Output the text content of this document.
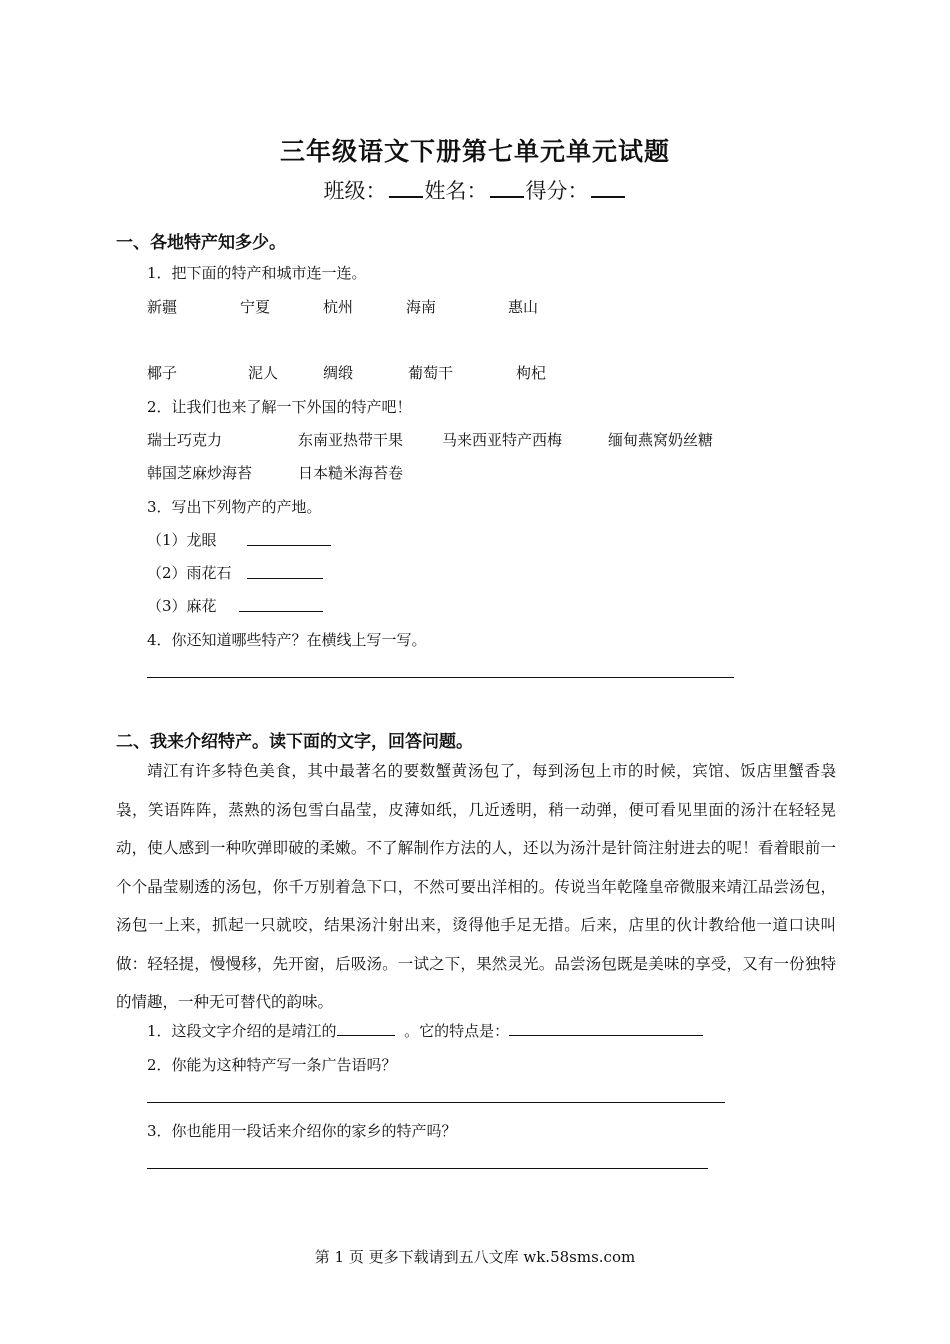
三年级语文下册第七单元单元试题
班级： 姓名： 得分：
一、各地特产知多少。
1．把下面的特产和城市连一连。
新疆	宁夏	杭州	海南	惠山
椰子	泥人	绸缎	葡萄干	枸杞
2．让我们也来了解一下外国的特产吧！
瑞士巧克力	东南亚热带干果	马来西亚特产西梅	缅甸燕窝奶丝糖
韩国芝麻炒海苔	日本糙米海苔卷
3．写出下列物产的产地。
（1）龙眼
（2）雨花石
（3）麻花
4．你还知道哪些特产？在横线上写一写。
二、我来介绍特产。读下面的文字，回答问题。
靖江有许多特色美食，其中最著名的要数蟹黄汤包了，每到汤包上市的时候，宾馆、饭店里蟹香袅袅，笑语阵阵，蒸熟的汤包雪白晶莹，皮薄如纸，几近透明，稍一动弹，便可看见里面的汤汁在轻轻晃动，使人感到一种吹弹即破的柔嫩。不了解制作方法的人，还以为汤汁是针筒注射进去的呢！看着眼前一个个晶莹剔透的汤包，你千万别着急下口，不然可要出洋相的。传说当年乾隆皇帝微服来靖江品尝汤包，汤包一上来，抓起一只就咬，结果汤汁射出来，烫得他手足无措。后来，店里的伙计教给他一道口诀叫做：轻轻提，慢慢移，先开窗，后吸汤。一试之下，果然灵光。品尝汤包既是美味的享受，又有一份独特的情趣，一种无可替代的韵味。
1．这段文字介绍的是靖江的	。它的特点是：
2．你能为这种特产写一条广告语吗？
3．你也能用一段话来介绍你的家乡的特产吗？
第 1 页 更多下载请到五八文库 wk.58sms.com
